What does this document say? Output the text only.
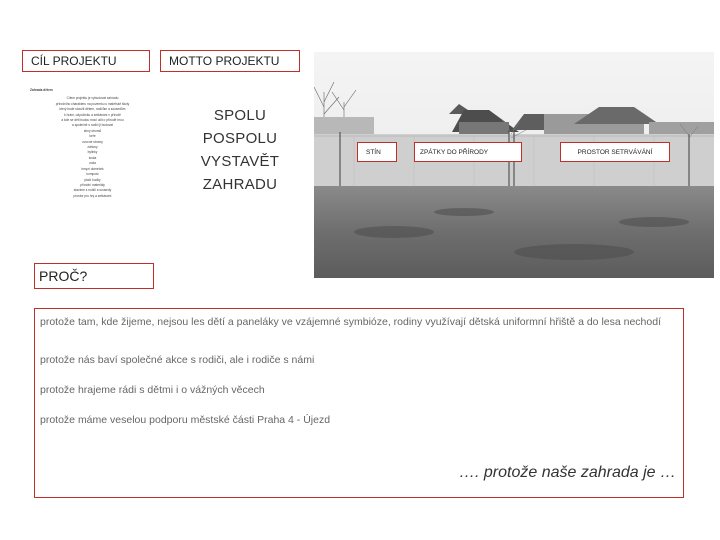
CÍL PROJEKTU	MOTTO PROJEKTU
Zahrada dětem
Cílem projektu je vybudovat zahradu
přírodního charakteru na pozemku u mateřské školy
který bude sloužit dětem, rodičům a sousedům
k hrám, odpočinku a setkávání v přírodě
a kde se děti budou moci učit o přírodě hrou
a společně s rodiči ji budovat
stíny stromů
keře
ovocné stromy
záhony
bylinky
louka
voda
hmyzí domeček
kompost
ptačí budky
přírodní materiály
stavíme s rodiči a sousedy
prostor pro hry a setkávání
SPOLU
POSPOLU
VYSTAVĚT
ZAHRADU
STÍN	ZPÁTKY DO PŘÍRODY	PROSTOR SETRVÁVÁNÍ
PROČ?

protože tam, kde žijeme, nejsou les dětí a paneláky ve vzájemné symbióze, rodiny využívají dětská uniformní hřiště a do lesa nechodí

protože nás baví společné akce s rodiči, ale i rodiče s námi

protože hrajeme rádi s dětmi i o vážných věcech

protože máme veselou podporu městské části Praha 4 - Újezd

…. protože naše zahrada je …
